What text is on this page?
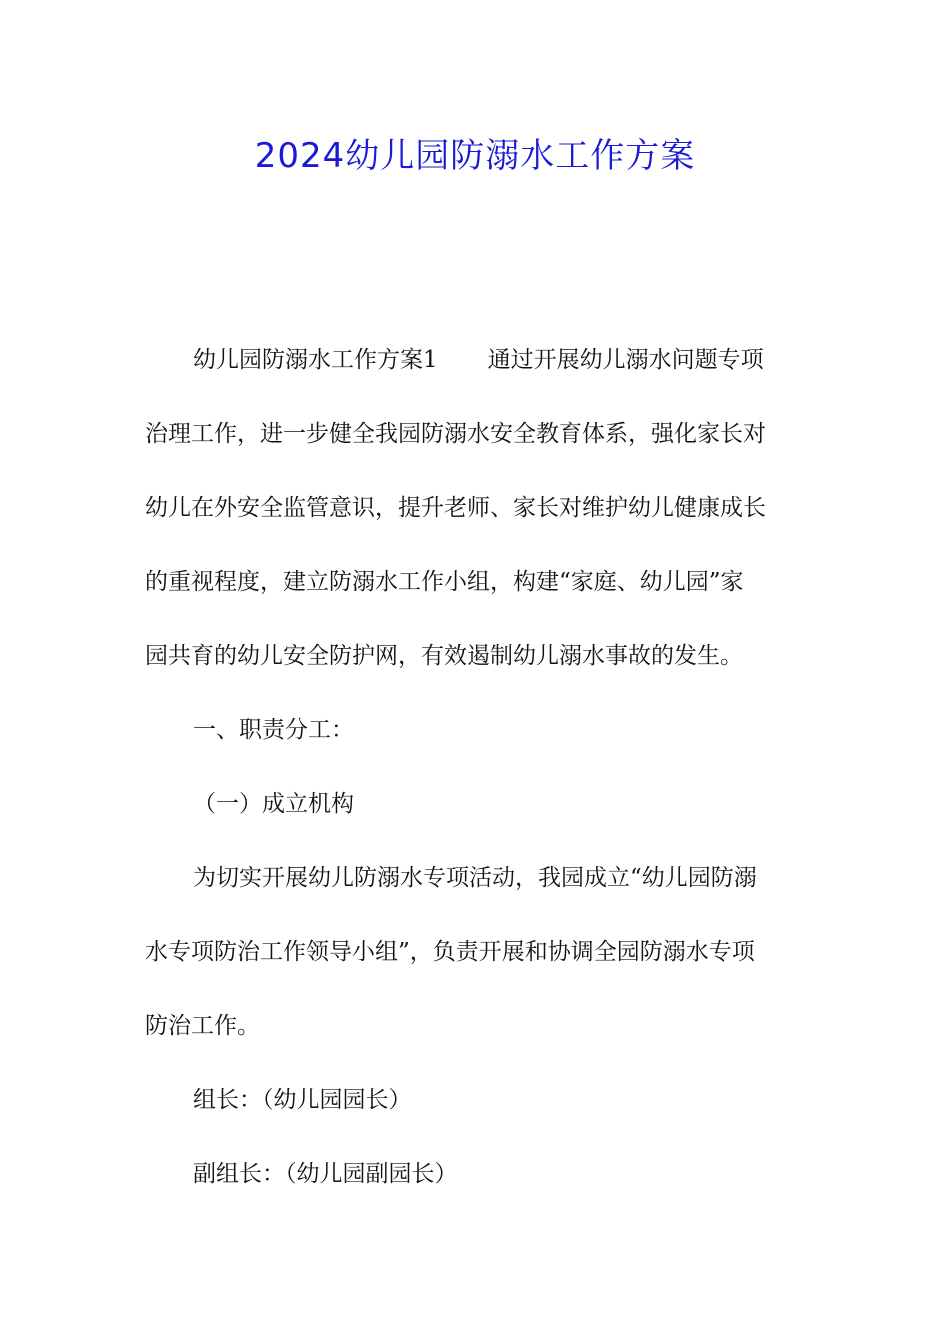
2024幼儿园防溺水工作方案
幼儿园防溺水工作方案1 通过开展幼儿溺水问题专项
治理工作，进一步健全我园防溺水安全教育体系，强化家长对
幼儿在外安全监管意识，提升老师、家长对维护幼儿健康成长
的重视程度，建立防溺水工作小组，构建“家庭、幼儿园”家
园共育的幼儿安全防护网，有效遏制幼儿溺水事故的发生。
一、职责分工：
（一）成立机构
为切实开展幼儿防溺水专项活动，我园成立“幼儿园防溺
水专项防治工作领导小组”，负责开展和协调全园防溺水专项
防治工作。
组长：（幼儿园园长）
副组长：（幼儿园副园长）
